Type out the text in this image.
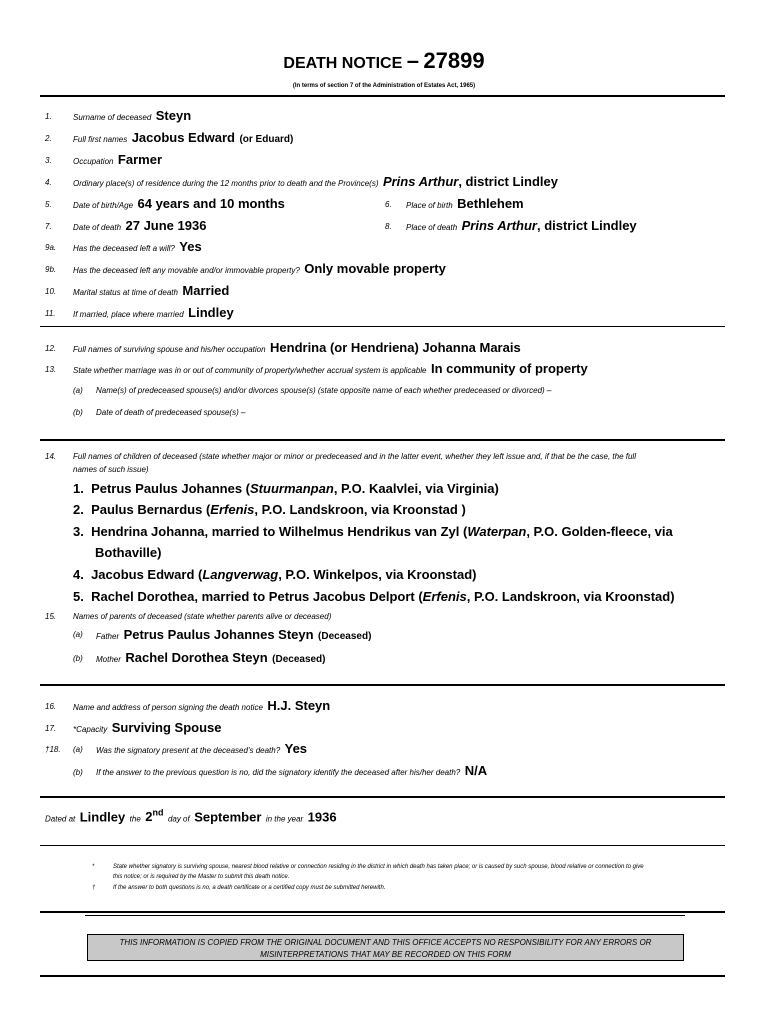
DEATH NOTICE – 27899
(In terms of section 7 of the Administration of Estates Act, 1965)
1.	Surname of deceased Steyn
2.	Full first names Jacobus Edward (or Eduard)
3.	Occupation Farmer
4.	Ordinary place(s) of residence during the 12 months prior to death and the Province(s) Prins Arthur, district Lindley
5.	Date of birth/Age 64 years and 10 months	6. Place of birth Bethlehem
7.	Date of death 27 June 1936	8. Place of death Prins Arthur, district Lindley
9a. Has the deceased left a will? Yes
9b. Has the deceased left any movable and/or immovable property? Only movable property
10. Marital status at time of death Married
11. If married, place where married Lindley
12. Full names of surviving spouse and his/her occupation Hendrina (or Hendriena) Johanna Marais
13. State whether marriage was in or out of community of property/whether accrual system is applicable In community of property
(a) Name(s) of predeceased spouse(s) and/or divorces spouse(s) (state opposite name of each whether predeceased or divorced) –
(b) Date of death of predeceased spouse(s) –
14. Full names of children of deceased (state whether major or minor or predeceased and in the latter event, whether they left issue and, if that be the case, the full
names of such issue)
1. Petrus Paulus Johannes (Stuurmanpan, P.O. Kaalvlei, via Virginia)
2. Paulus Bernardus (Erfenis, P.O. Landskroon, via Kroonstad )
3. Hendrina Johanna, married to Wilhelmus Hendrikus van Zyl (Waterpan, P.O. Golden-fleece, via
Bothaville)
4. Jacobus Edward (Langverwag, P.O. Winkelpos, via Kroonstad)
5. Rachel Dorothea, married to Petrus Jacobus Delport (Erfenis, P.O. Landskroon, via Kroonstad)
15. Names of parents of deceased (state whether parents alive or deceased)
(a) Father Petrus Paulus Johannes Steyn (Deceased)
(b) Mother Rachel Dorothea Steyn (Deceased)
16. Name and address of person signing the death notice H.J. Steyn
17. *Capacity Surviving Spouse
†18. (a) Was the signatory present at the deceased's death? Yes
(b) If the answer to the previous question is no, did the signatory identify the deceased after his/her death? N/A
Dated at Lindley the 2nd day of September in the year 1936
*	State whether signatory is surviving spouse, nearest blood relative or connection residing in the district in which death has taken place; or is caused by such spouse, blood relative or connection to give
this notice; or is required by the Master to submit this death notice.
†	If the answer to both questions is no, a death certificate or a certified copy must be submitted herewith.
THIS INFORMATION IS COPIED FROM THE ORIGINAL DOCUMENT AND THIS OFFICE ACCEPTS NO RESPONSIBILITY FOR ANY ERRORS OR
MISINTERPRETATIONS THAT MAY BE RECORDED ON THIS FORM
